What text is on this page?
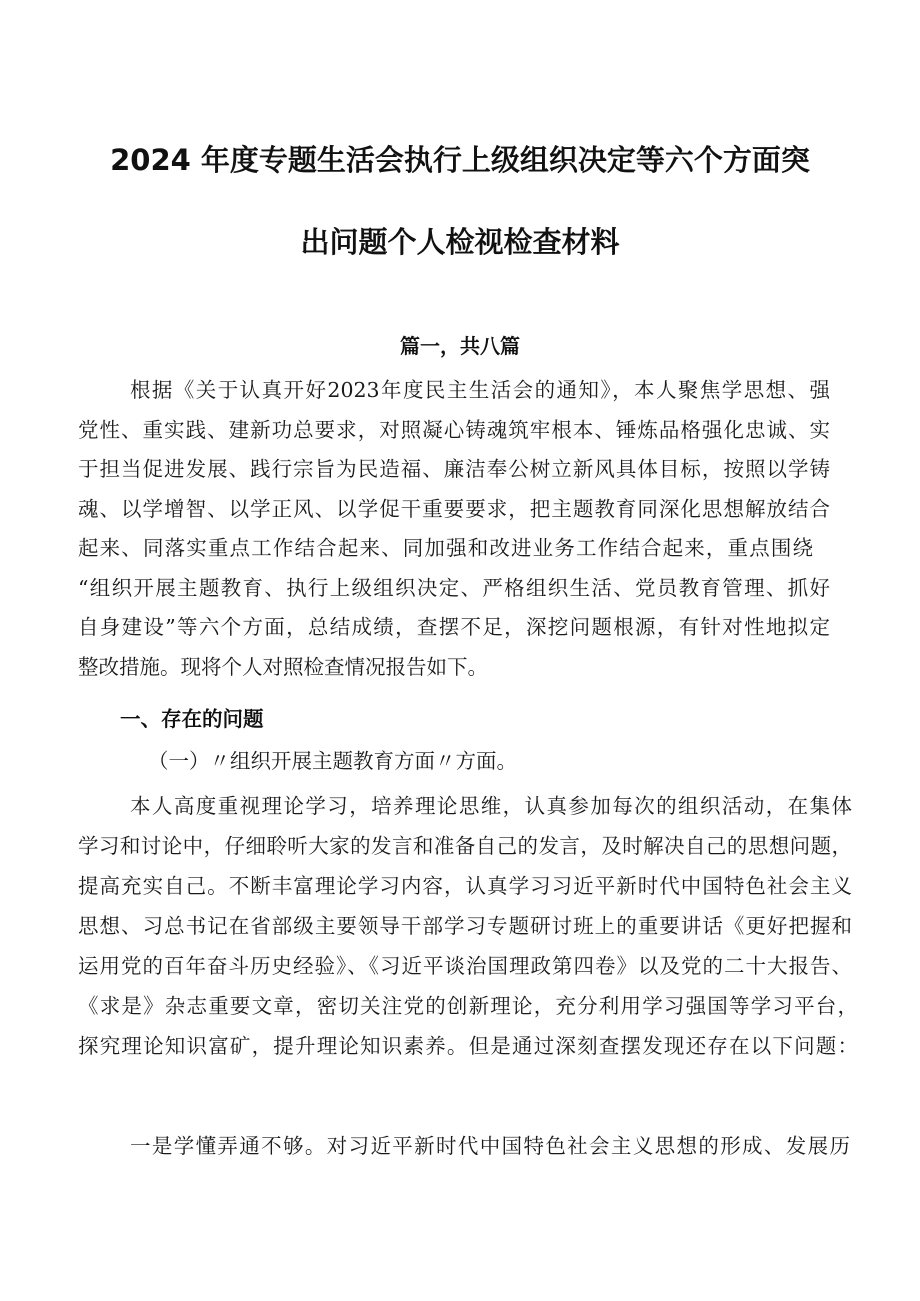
2024 年度专题生活会执行上级组织决定等六个方面突
出问题个人检视检查材料
篇一，共八篇
根据《关于认真开好2023年度民主生活会的通知》，本人聚焦学思想、强
党性、重实践、建新功总要求，对照凝心铸魂筑牢根本、锤炼品格强化忠诚、实
于担当促进发展、践行宗旨为民造福、廉洁奉公树立新风具体目标，按照以学铸
魂、以学增智、以学正风、以学促干重要要求，把主题教育同深化思想解放结合
起来、同落实重点工作结合起来、同加强和改进业务工作结合起来，重点围绕
“组织开展主题教育、执行上级组织决定、严格组织生活、党员教育管理、抓好
自身建设”等六个方面，总结成绩，查摆不足，深挖问题根源，有针对性地拟定
整改措施。现将个人对照检查情况报告如下。
一、存在的问题
（一）〃组织开展主题教育方面〃方面。
本人高度重视理论学习，培养理论思维，认真参加每次的组织活动，在集体
学习和讨论中，仔细聆听大家的发言和准备自己的发言，及时解决自己的思想问题，
提高充实自己。不断丰富理论学习内容，认真学习习近平新时代中国特色社会主义
思想、习总书记在省部级主要领导干部学习专题研讨班上的重要讲话《更好把握和
运用党的百年奋斗历史经验》、《习近平谈治国理政第四卷》以及党的二十大报告、
《求是》杂志重要文章，密切关注党的创新理论，充分利用学习强国等学习平台，
探究理论知识富矿，提升理论知识素养。但是通过深刻查摆发现还存在以下问题：
一是学懂弄通不够。对习近平新时代中国特色社会主义思想的形成、发展历
